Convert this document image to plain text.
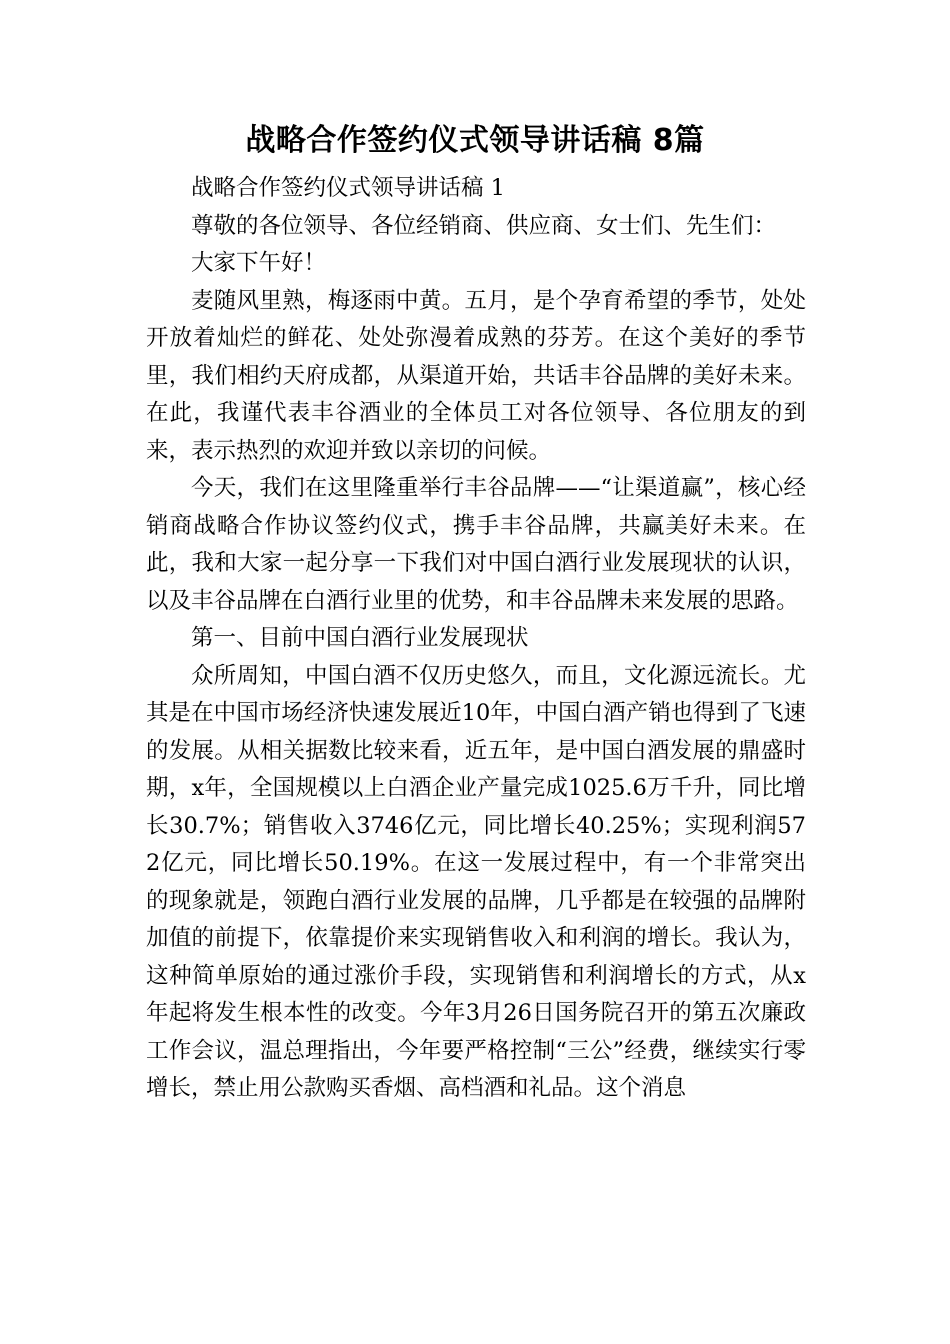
战略合作签约仪式领导讲话稿 8篇

战略合作签约仪式领导讲话稿 1

尊敬的各位领导、各位经销商、供应商、女士们、先生们：

大家下午好！

麦随风里熟，梅逐雨中黄。五月，是个孕育希望的季节，处处开放着灿烂的鲜花、处处弥漫着成熟的芬芳。在这个美好的季节里，我们相约天府成都，从渠道开始，共话丰谷品牌的美好未来。在此，我谨代表丰谷酒业的全体员工对各位领导、各位朋友的到来，表示热烈的欢迎并致以亲切的问候。

今天，我们在这里隆重举行丰谷品牌——“让渠道赢”，核心经销商战略合作协议签约仪式，携手丰谷品牌，共赢美好未来。在此，我和大家一起分享一下我们对中国白酒行业发展现状的认识，以及丰谷品牌在白酒行业里的优势，和丰谷品牌未来发展的思路。

第一、目前中国白酒行业发展现状

众所周知，中国白酒不仅历史悠久，而且，文化源远流长。尤其是在中国市场经济快速发展近10年，中国白酒产销也得到了飞速的发展。从相关据数比较来看，近五年，是中国白酒发展的鼎盛时期，x年，全国规模以上白酒企业产量完成1025.6万千升，同比增长30.7%；销售收入3746亿元，同比增长40.25%；实现利润572亿元，同比增长50.19%。在这一发展过程中，有一个非常突出的现象就是，领跑白酒行业发展的品牌，几乎都是在较强的品牌附加值的前提下，依靠提价来实现销售收入和利润的增长。我认为，这种简单原始的通过涨价手段，实现销售和利润增长的方式，从x年起将发生根本性的改变。今年3月26日国务院召开的第五次廉政工作会议，温总理指出，今年要严格控制“三公”经费，继续实行零增长，禁止用公款购买香烟、高档酒和礼品。这个消息
